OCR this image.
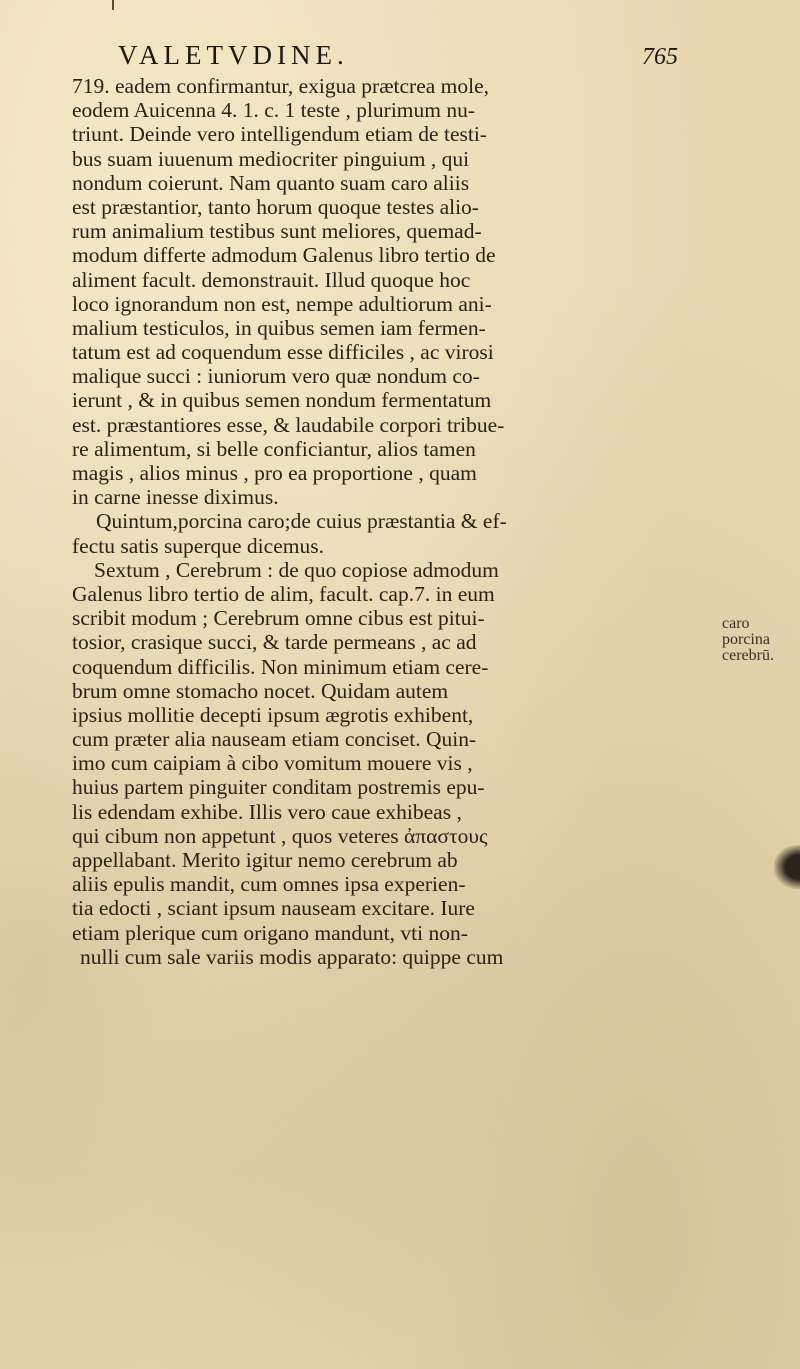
VALETVDINE.	765
719. eadem confirmantur, exigua prætcrea mole,
eodem Auicenna 4. 1. c. 1 teste , plurimum nu-
triunt. Deinde vero intelligendum etiam de testi-
bus suam iuuenum mediocriter pinguium , qui
nondum coierunt. Nam quanto suam caro aliis
est præstantior, tanto horum quoque testes alio-
rum animalium testibus sunt meliores, quemad-
modum differte admodum Galenus libro tertio de
aliment facult. demonstrauit. Illud quoque hoc
loco ignorandum non est, nempe adultiorum ani-
malium testiculos, in quibus semen iam fermen-
tatum est ad coquendum esse difficiles , ac virosi
malique succi : iuniorum vero quæ nondum co-
ierunt , & in quibus semen nondum fermentatum
est. præstantiores esse, & laudabile corpori tribue-
re alimentum, si belle conficiantur, alios tamen
magis , alios minus , pro ea proportione , quam
in carne inesse diximus.
Quintum,porcina caro;de cuius præstantia & ef-
fectu satis superque dicemus.
Sextum , Cerebrum : de quo copiose admodum
Galenus libro tertio de alim, facult. cap.7. in eum
scribit modum ; Cerebrum omne cibus est pitui-
tosior, crasique succi, & tarde permeans , ac ad
coquendum difficilis. Non minimum etiam cere-
brum omne stomacho nocet. Quidam autem
ipsius mollitie decepti ipsum ægrotis exhibent,
cum præter alia nauseam etiam conciset. Quin-
imo cum caipiam à cibo vomitum mouere vis ,
huius partem pinguiter conditam postremis epu-
lis edendam exhibe. Illis vero caue exhibeas ,
qui cibum non appetunt , quos veteres ἀπαστους
appellabant. Merito igitur nemo cerebrum ab
aliis epulis mandit, cum omnes ipsa experien-
tia edocti , sciant ipsum nauseam excitare. Iure
etiam plerique cum origano mandunt, vti non-
nulli cum sale variis modis apparato: quippe cum
caro
porcina
cerebrū.
